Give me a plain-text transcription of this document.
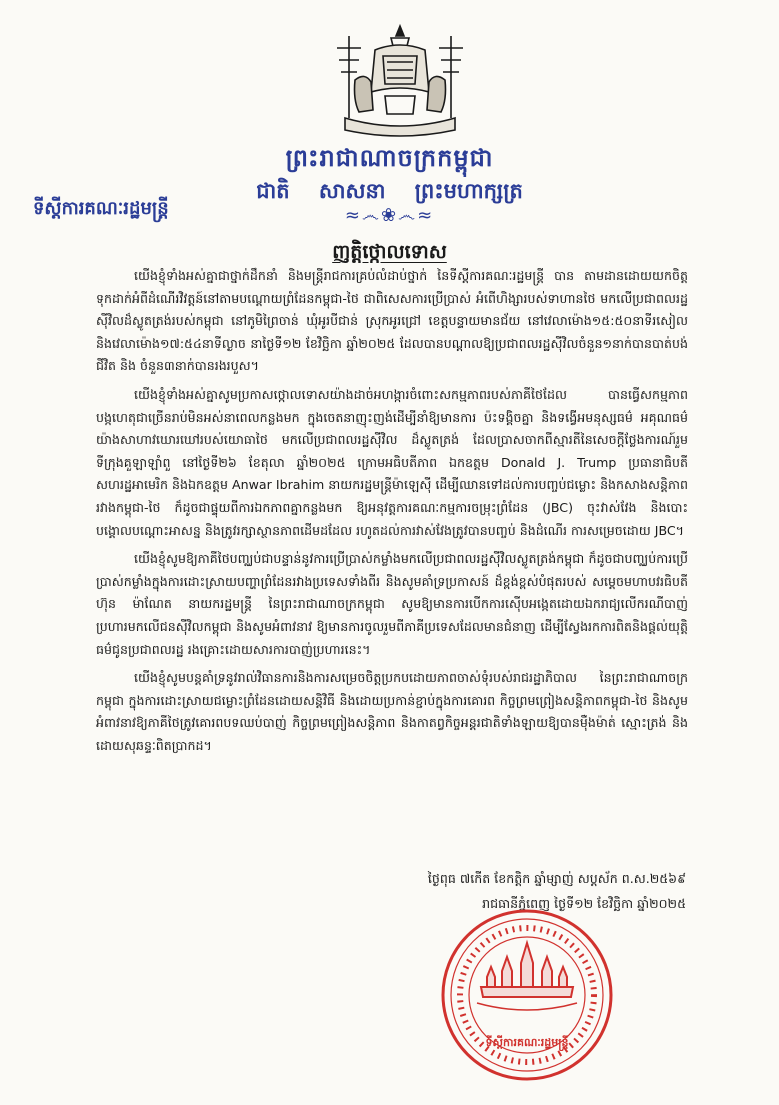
ព្រះរាជាណាចក្រកម្ពុជា
ជាតិ សាសនា ព្រះមហាក្សត្រ
≈෴❀෴≈
ទីស្តីការគណៈរដ្ឋមន្ត្រី
ញត្តិថ្កោលទោស

យើងខ្ញុំទាំងអស់គ្នាជាថ្នាក់ដឹកនាំ និងមន្ត្រីរាជការគ្រប់លំដាប់ថ្នាក់ នៃទីស្តីការគណៈរដ្ឋមន្ត្រី បាន តាមដានដោយយកចិត្តទុកដាក់អំពីដំណើរវិវត្តន៍នៅតាមបណ្តោយព្រំដែនកម្ពុជា-ថៃ ជាពិសេសការប្រើប្រាស់ អំពើហិង្សារបស់ទាហានថៃ មកលើប្រជាពលរដ្ឋស៊ីវិលដ៏ស្លូតត្រង់របស់កម្ពុជា នៅភូមិព្រៃចាន់ ឃុំអូរបីជាន់ ស្រុកអូរជ្រៅ ខេត្តបន្ទាយមានជ័យ នៅវេលាម៉ោង១៥:៥០នាទីរសៀល និងវេលាម៉ោង១៧:៥៤នាទីល្ងាច នាថ្ងៃទី១២ ខែវិច្ឆិកា ឆ្នាំ២០២៥ ដែលបានបណ្តាលឱ្យប្រជាពលរដ្ឋស៊ីវិលចំនួន១នាក់បានបាត់បង់ជីវិត និង ចំនួន៣នាក់បានរងរបួស។

យើងខ្ញុំទាំងអស់គ្នាសូមប្រកាសថ្កោលទោសយ៉ាងដាច់អហង្ការចំពោះសកម្មភាពរបស់ភាគីថៃដែល បានធ្វើសកម្មភាពបង្កហេតុជាច្រើនរាប់មិនអស់នាពេលកន្លងមក ក្នុងចេតនាញុះញង់ដើម្បីនាំឱ្យមានការ ប៉ះទង្គិចគ្នា និងទង្វើអមនុស្សធម៌ អគុណធម៌យ៉ាងសាហាវឃោរឃៅរបស់យោធាថៃ មកលើប្រជាពលរដ្ឋស៊ីវិល ដ៏ស្លូតត្រង់ ដែលប្រាសចាកពីស្មារតីនៃសេចក្តីថ្លែងការណ៍រួមទីក្រុងគួឡាឡាំពួ នៅថ្ងៃទី២៦ ខែតុលា ឆ្នាំ២០២៥ ក្រោមអធិបតីភាព ឯកឧត្តម Donald J. Trump ប្រធានាធិបតីសហរដ្ឋអាមេរិក និងឯកឧត្តម Anwar Ibrahim នាយករដ្ឋមន្ត្រីម៉ាឡេស៊ី ដើម្បីឈានទៅដល់ការបញ្ចប់ជម្លោះ និងកសាងសន្តិភាពរវាងកម្ពុជា-ថៃ ក៏ដូចជាផ្ទុយពីការឯកភាពគ្នាកន្លងមក ឱ្យអនុវត្តការគណៈកម្មការចម្រុះព្រំដែន (JBC) ចុះវាស់វែង និងបោះ បង្គោលបណ្តោះអាសន្ន និងត្រូវរក្សាស្ថានភាពដើមដដែល រហូតដល់ការវាស់វែងត្រូវបានបញ្ចប់ និងដំណើរ ការសម្រេចដោយ JBC។

យើងខ្ញុំសូមឱ្យភាគីថៃបញ្ឈប់ជាបន្ទាន់នូវការប្រើប្រាស់កម្លាំងមកលើប្រជាពលរដ្ឋស៊ីវិលស្លូតត្រង់កម្ពុជា ក៏ដូចជាបញ្ឈប់ការប្រើប្រាស់កម្លាំងក្នុងការដោះស្រាយបញ្ហាព្រំដែនរវាងប្រទេសទាំងពីរ និងសូមគាំទ្រប្រកាសន៍ ដ៏ខ្ពង់ខ្ពស់បំផុតរបស់ សម្តេចមហាបវរធិបតី ហ៊ុន ម៉ាណែត នាយករដ្ឋមន្ត្រី នៃព្រះរាជាណាចក្រកម្ពុជា សូមឱ្យមានការបើកការស៊ើបអង្កេតដោយឯករាជ្យលើករណីបាញ់ប្រហារមកលើជនស៊ីវិលកម្ពុជា និងសូមអំពាវនាវ ឱ្យមានការចូលរួមពីភាគីប្រទេសដែលមានជំនាញ ដើម្បីស្វែងរកការពិតនិងផ្តល់យុត្តិធម៌ជូនប្រជាពលរដ្ឋ រងគ្រោះដោយសារការបាញ់ប្រហារនេះ។

យើងខ្ញុំសូមបន្តគាំទ្រនូវរាល់វិធានការនិងការសម្រេចចិត្តប្រកបដោយភាពចាស់ទុំរបស់រាជរដ្ឋាភិបាល នៃព្រះរាជាណាចក្រកម្ពុជា ក្នុងការដោះស្រាយជម្លោះព្រំដែនដោយសន្តិវិធី និងដោយប្រកាន់ខ្ជាប់ក្នុងការគោរព កិច្ចព្រមព្រៀងសន្តិភាពកម្ពុជា-ថៃ និងសូមអំពាវនាវឱ្យភាគីថៃត្រូវគោរពបទឈប់បាញ់ កិច្ចព្រមព្រៀងសន្តិភាព និងកាតព្វកិច្ចអន្តរជាតិទាំងឡាយឱ្យបានម៉ឺងម៉ាត់ ស្មោះត្រង់ និងដោយសុឆន្ទៈពិតប្រាកដ។

ថ្ងៃពុធ ៧កើត ខែកត្តិក ឆ្នាំម្សាញ់ សប្តស័ក ព.ស.២៥៦៩
រាជធានីភ្នំពេញ ថ្ងៃទី១២ ខែវិច្ឆិកា ឆ្នាំ២០២៥
ទីស្តីការគណៈរដ្ឋមន្ត្រី
